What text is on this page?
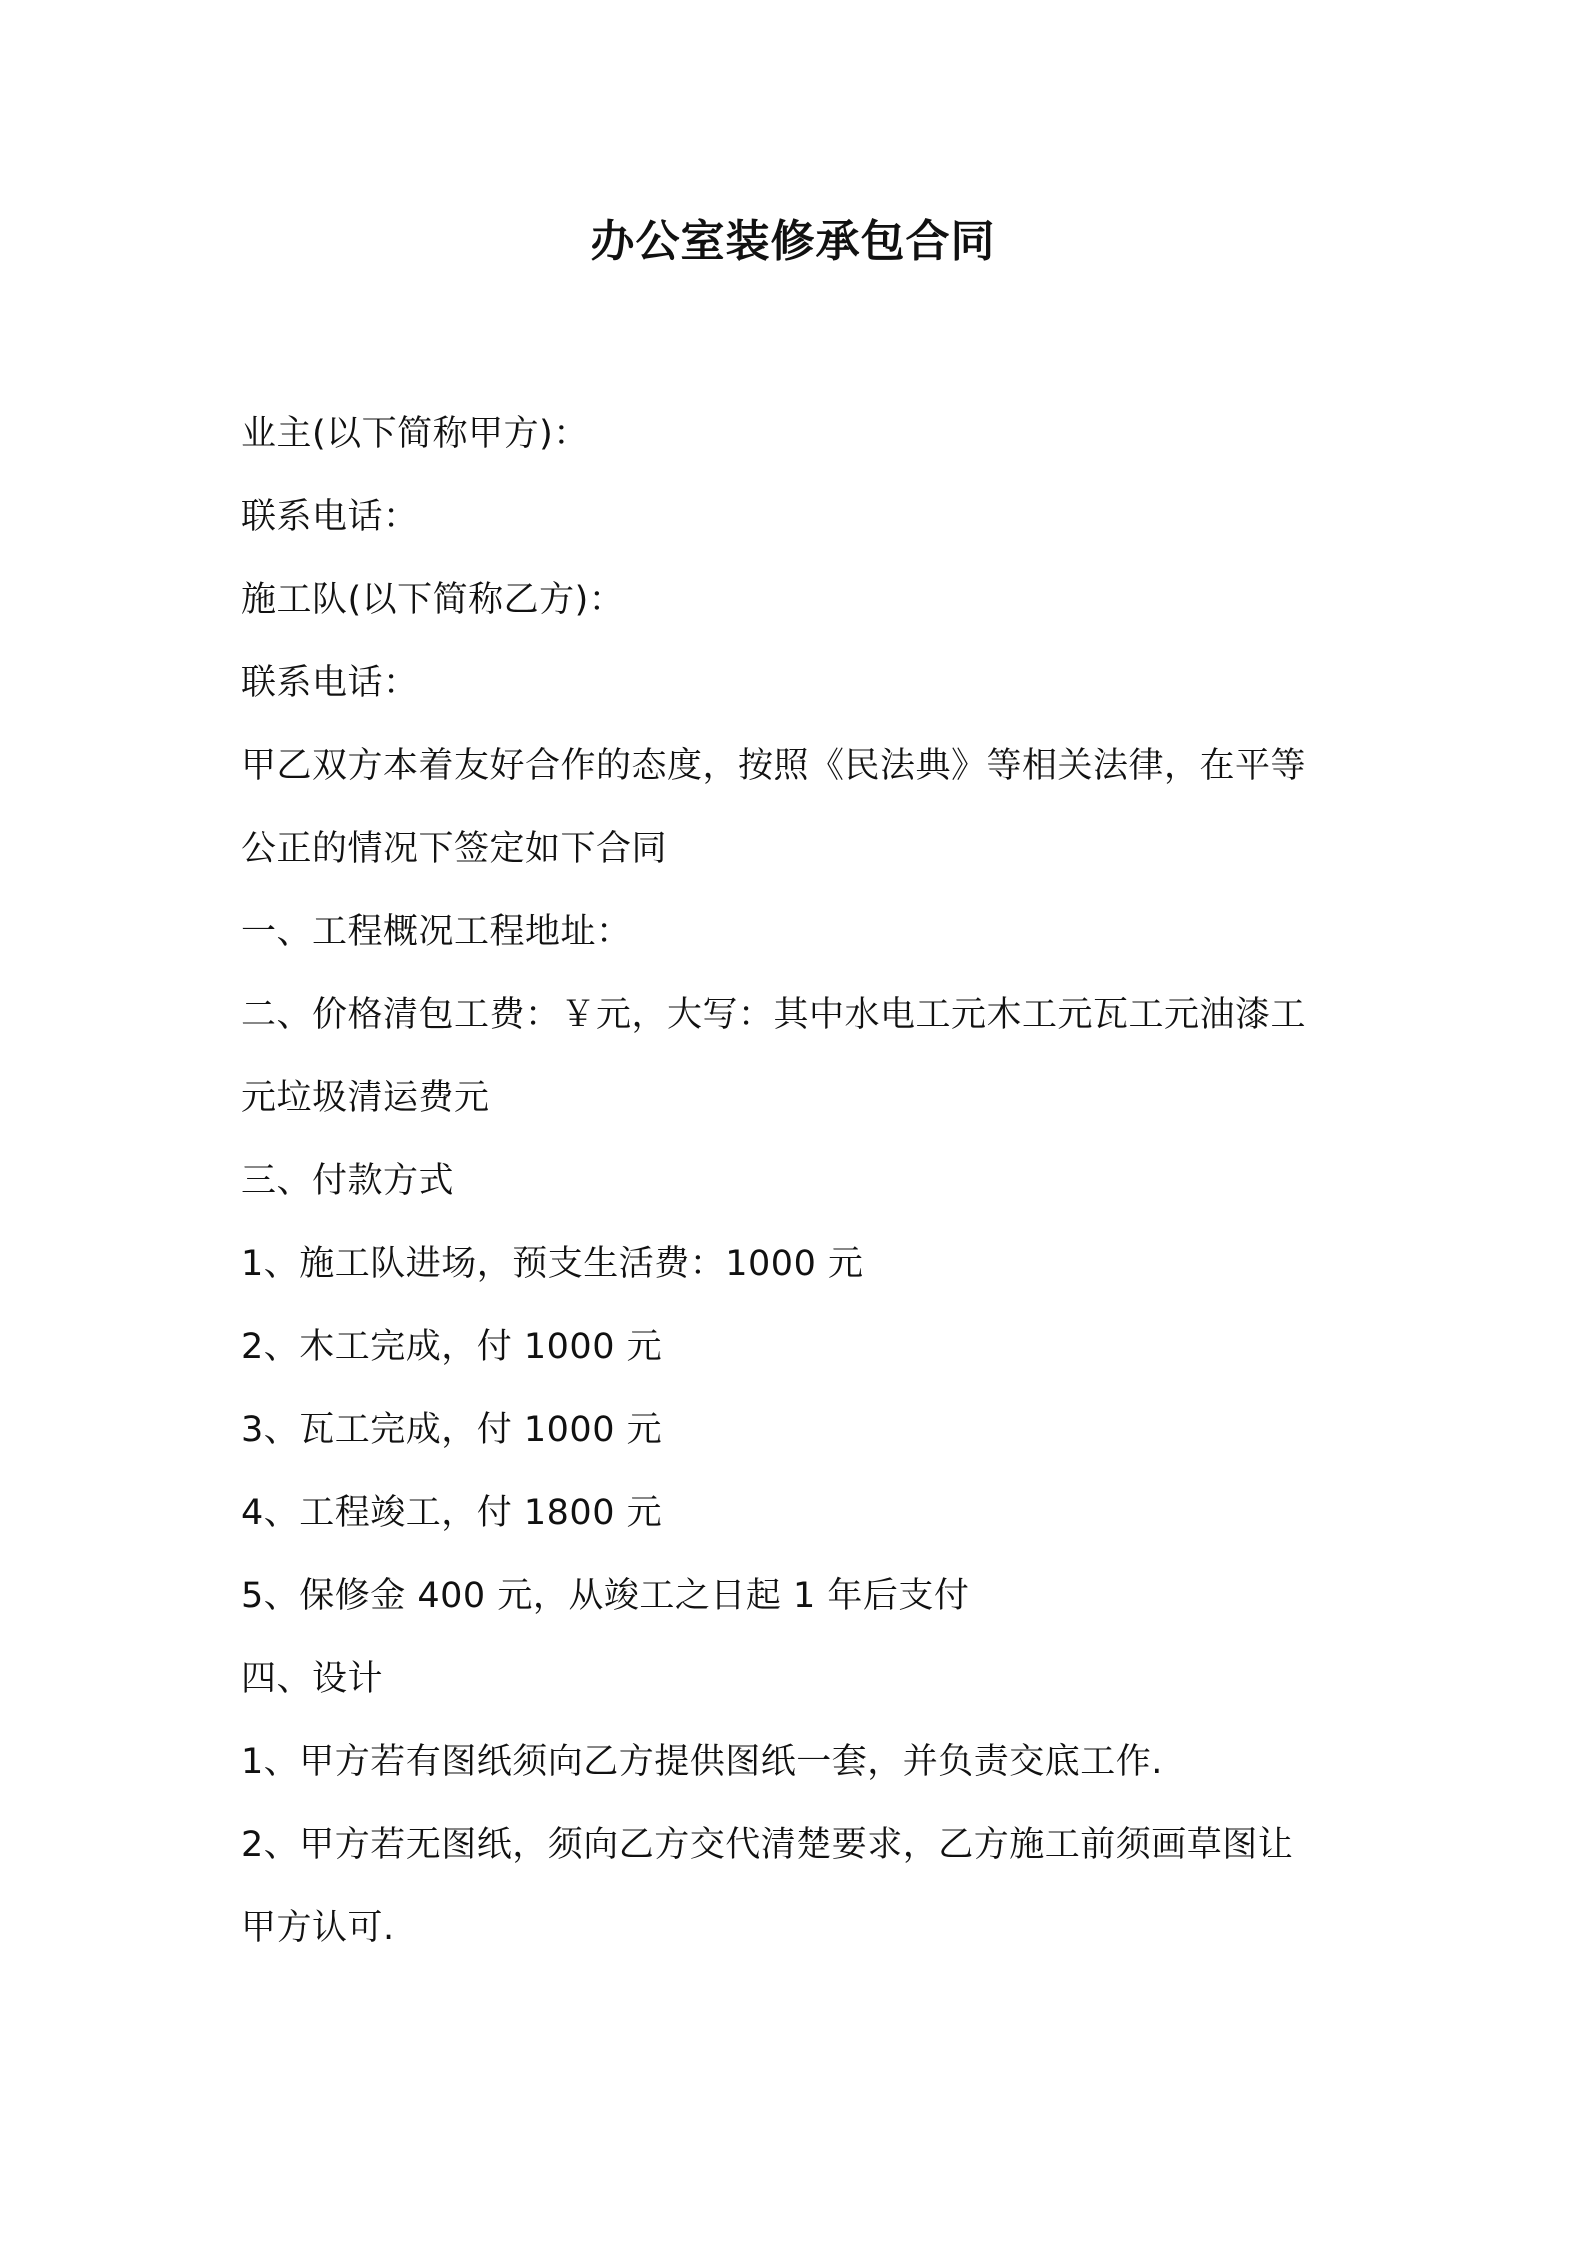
办公室装修承包合同
业主(以下简称甲方)：
联系电话：
施工队(以下简称乙方)：
联系电话：
甲乙双方本着友好合作的态度，按照《民法典》等相关法律，在平等
公正的情况下签定如下合同
一、工程概况工程地址：
二、价格清包工费：￥元，大写：其中水电工元木工元瓦工元油漆工
元垃圾清运费元
三、付款方式
1、施工队进场，预支生活费：1000 元
2、木工完成，付 1000 元
3、瓦工完成，付 1000 元
4、工程竣工，付 1800 元
5、保修金 400 元，从竣工之日起 1 年后支付
四、设计
1、甲方若有图纸须向乙方提供图纸一套，并负责交底工作.
2、甲方若无图纸，须向乙方交代清楚要求，乙方施工前须画草图让
甲方认可.
